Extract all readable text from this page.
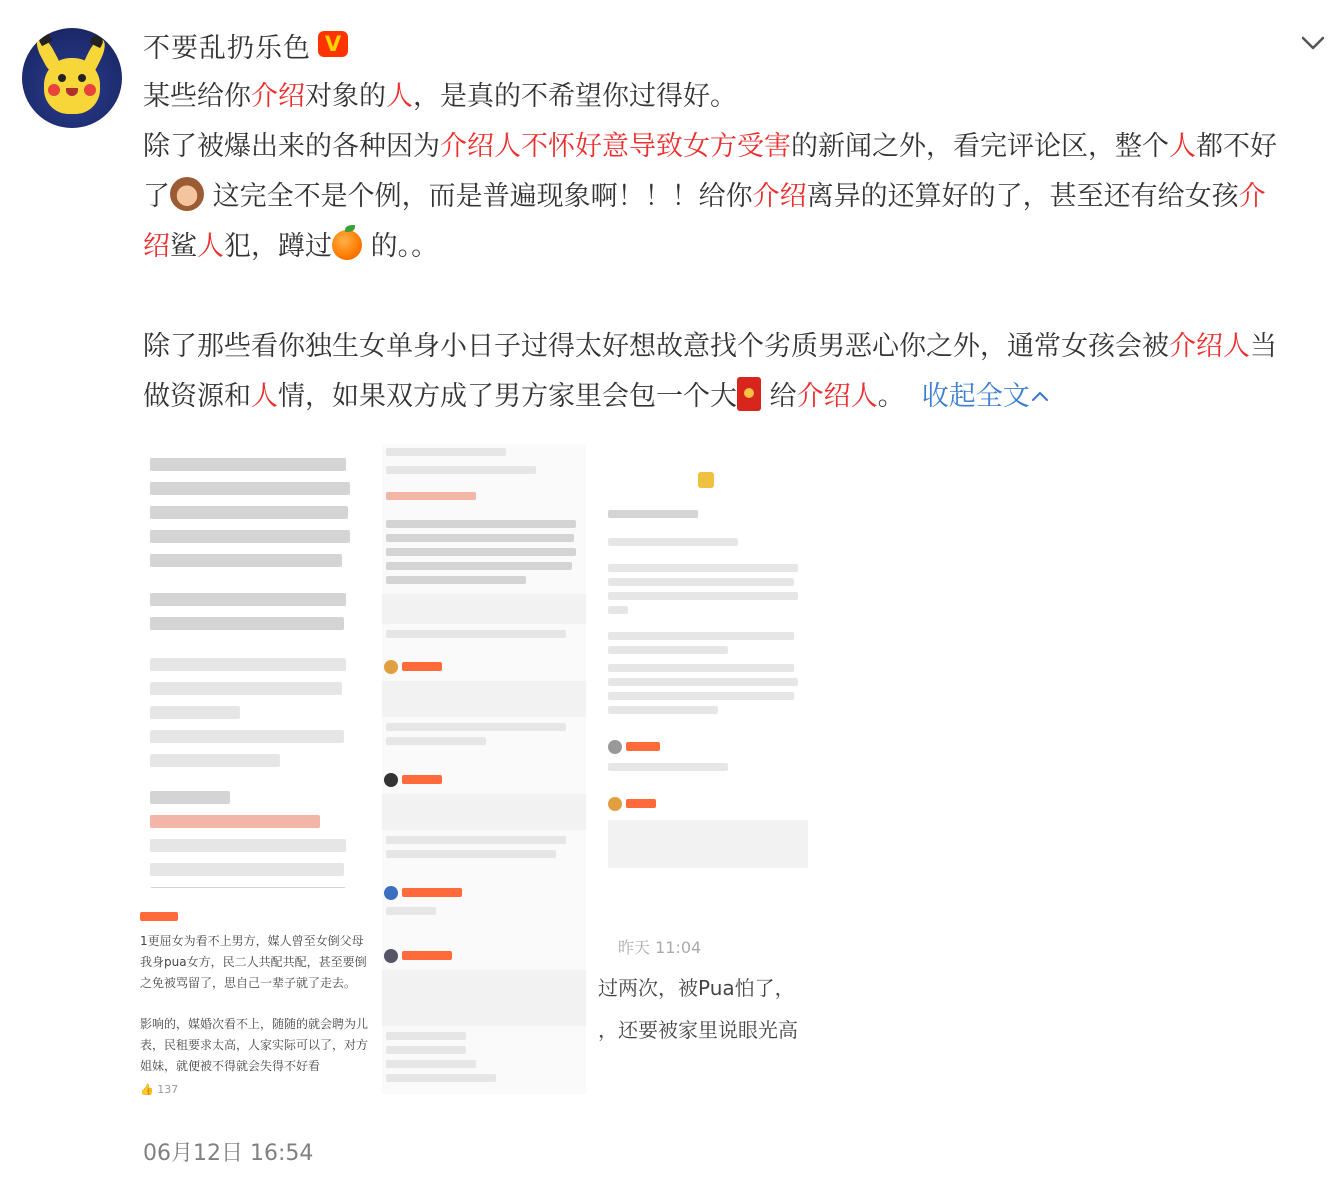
不要乱扔乐色 V
某些给你介绍对象的人，是真的不希望你过得好。
除了被爆出来的各种因为介绍人不怀好意导致女方受害的新闻之外，看完评论区，整个人都不好
了 这完全不是个例，而是普遍现象啊！！！给你介绍离异的还算好的了，甚至还有给女孩介
绍鲨人犯，蹲过 的。。
除了那些看你独生女单身小日子过得太好想故意找个劣质男恶心你之外，通常女孩会被介绍人当
做资源和人情，如果双方成了男方家里会包一个大 给介绍人。 收起全文
1更屈女为看不上男方，媒人曾至女倒父母
我身pua女方，民二人共配共配，甚至要倒
之免被骂留了，思自己一辈子就了走去。
影响的，媒婚次看不上，随随的就会聘为儿
表，民租要求太高，人家实际可以了，对方
姐妹，就便被不得就会失得不好看
👍 137
昨天 11:04
过两次，被Pua怕了，
，还要被家里说眼光高
06月12日 16:54
